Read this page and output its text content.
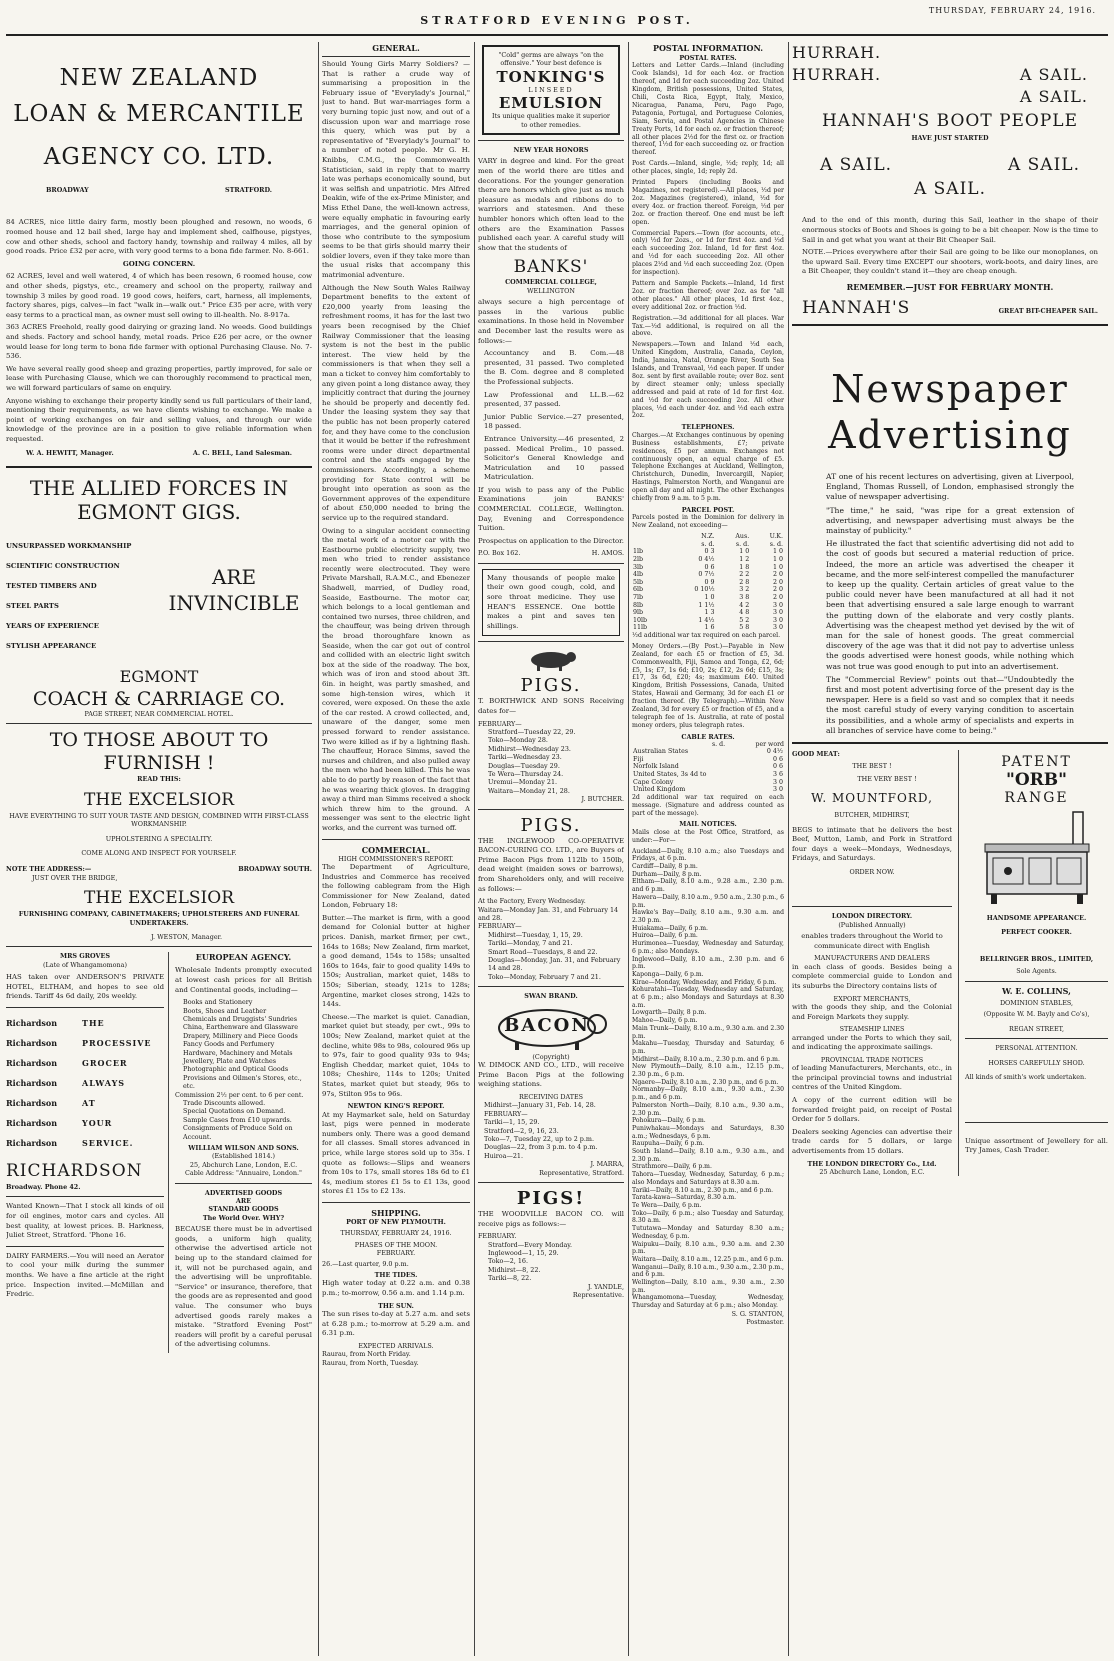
STRATFORD EVENING POST.
THURSDAY, FEBRUARY 24, 1916.
NEW ZEALAND
LOAN & MERCANTILE
AGENCY CO. LTD.
BROADWAY	STRATFORD.

84 ACRES, nice little dairy farm, mostly been ploughed and resown, no woods, 6 roomed house and 12 bail shed, large hay and implement shed, calfhouse, pigstyes, cow and other sheds, school and factory handy, township and railway 4 miles, all by good roads. Price £32 per acre, with very good terms to a bona fide farmer. No. 8-661.

GOING CONCERN.

62 ACRES, level and well watered, 4 of which has been resown, 6 roomed house, cow and other sheds, pigstys, etc., creamery and school on the property, railway and township 3 miles by good road. 19 good cows, heifers, cart, harness, all implements, factory shares, pigs, calves—in fact "walk in—walk out." Price £35 per acre, with very easy terms to a practical man, as owner must sell owing to ill-health. No. 8-917a.

363 ACRES Freehold, really good dairying or grazing land. No weeds. Good buildings and sheds. Factory and school handy, metal roads. Price £26 per acre, or the owner would lease for long term to bona fide farmer with optional Purchasing Clause. No. 7-536.

We have several really good sheep and grazing properties, partly improved, for sale or lease with Purchasing Clause, which we can thoroughly recommend to practical men, we will forward particulars of same on enquiry.

Anyone wishing to exchange their property kindly send us full particulars of their land, mentioning their requirements, as we have clients wishing to exchange. We make a point of working exchanges on fair and selling values, and through our wide knowledge of the province are in a position to give reliable information when requested.

W. A. HEWITT, Manager.	A. C. BELL, Land Salesman.
THE ALLIED FORCES IN
EGMONT GIGS.
UNSURPASSED WORKMANSHIP
SCIENTIFIC CONSTRUCTION
TESTED TIMBERS AND
STEEL PARTS
YEARS OF EXPERIENCE
STYLISH APPEARANCE
ARE
INVINCIBLE
EGMONT
COACH & CARRIAGE CO.
PAGE STREET, NEAR COMMERCIAL HOTEL.
TO THOSE ABOUT TO
FURNISH !
READ THIS:
THE EXCELSIOR
HAVE EVERYTHING TO SUIT YOUR TASTE AND DESIGN, COMBINED WITH FIRST-CLASS WORKMANSHIP.
UPHOLSTERING A SPECIALITY.
COME ALONG AND INSPECT FOR YOURSELF.
NOTE THE ADDRESS:—	BROADWAY SOUTH.
JUST OVER THE BRIDGE,
THE EXCELSIOR
FURNISHING COMPANY, CABINETMAKERS; UPHOLSTERERS AND FUNERAL UNDERTAKERS.
J. WESTON, Manager.
MRS GROVES
(Late of Whangamomona)

HAS taken over ANDERSON'S PRIVATE HOTEL, ELTHAM, and hopes to see old friends. Tariff 4s 6d daily, 20s weekly.

Richardson
Richardson
Richardson
Richardson
Richardson
Richardson
Richardson
THE
PROCESSIVE
GROCER
ALWAYS
AT
YOUR
SERVICE.
RICHARDSON
Broadway. Phone 42.

Wanted Known—That I stock all kinds of oil for oil engines, motor cars and cycles. All best quality, at lowest prices. B. Harkness, Juliet Street, Stratford. 'Phone 16.

DAIRY FARMERS.—You will need an Aerator to cool your milk during the summer months. We have a fine article at the right price. Inspection invited.—McMillan and Fredric.

EUROPEAN AGENCY.

Wholesale Indents promptly executed at lowest cash prices for all British and Continental goods, including—

Books and Stationery
Boots, Shoes and Leather
Chemicals and Druggists' Sundries
China, Earthenware and Glassware
Drapery, Millinery and Piece Goods
Fancy Goods and Perfumery
Hardware, Machinery and Metals
Jewellery, Plate and Watches
Photographic and Optical Goods
Provisions and Oilmen's Stores, etc., etc.
Commission 2½ per cent. to 6 per cent.
Trade Discounts allowed.
Special Quotations on Demand.
Sample Cases from £10 upwards.
Consignments of Produce Sold on Account.
WILLIAM WILSON AND SONS.
(Established 1814.)
25, Abchurch Lane, London, E.C.
Cable Address: "Annuaire, London."
ADVERTISED GOODS
ARE
STANDARD GOODS
The World Over. WHY?

BECAUSE there must be in advertised goods, a uniform high quality, otherwise the advertised article not being up to the standard claimed for it, will not be purchased again, and the advertising will be unprofitable. "Service" or insurance, therefore, that the goods are as represented and good value. The consumer who buys advertised goods rarely makes a mistake. "Stratford Evening Post" readers will profit by a careful perusal of the advertising columns.

GENERAL.

Should Young Girls Marry Soldiers? —That is rather a crude way of summarising a proposition in the February issue of "Everylady's Journal," just to hand. But war-marriages form a very burning topic just now, and out of a discussion upon war and marriage rose this query, which was put by a representative of "Everylady's Journal" to a number of noted people. Mr G. H. Knibbs, C.M.G., the Commonwealth Statistician, said in reply that to marry late was perhaps economically sound, but it was selfish and unpatriotic. Mrs Alfred Deakin, wife of the ex-Prime Minister, and Miss Ethel Dane, the well-known actress, were equally emphatic in favouring early marriages, and the general opinion of those who contribute to the symposium seems to be that girls should marry their soldier lovers, even if they take more than the usual risks that accompany this matrimonial adventure.

Although the New South Wales Railway Department benefits to the extent of £20,000 yearly from leasing the refreshment rooms, it has for the last two years been recognised by the Chief Railway Commissioner that the leasing system is not the best in the public interest. The view held by the commissioners is that when they sell a man a ticket to convey him comfortably to any given point a long distance away, they implicitly contract that during the journey he should be properly and decently fed. Under the leasing system they say that the public has not been properly catered for, and they have come to the conclusion that it would be better if the refreshment rooms were under direct departmental control and the staffs engaged by the commissioners. Accordingly, a scheme providing for State control will be brought into operation as soon as the Government approves of the expenditure of about £50,000 needed to bring the service up to the required standard.

Owing to a singular accident connecting the metal work of a motor car with the Eastbourne public electricity supply, two men who tried to render assistance recently were electrocuted. They were Private Marshall, R.A.M.C., and Ebenezer Shadwell, married, of Dudley road, Seaside, Eastbourne. The motor car, which belongs to a local gentleman and contained two nurses, three children, and the chauffeur, was being driven through the broad thoroughfare known as Seaside, when the car got out of control and collided with an electric light switch box at the side of the roadway. The box, which was of iron and stood about 3ft. 6in. in height, was partly smashed, and some high-tension wires, which it covered, were exposed. On these the axle of the car rested. A crowd collected, and, unaware of the danger, some men pressed forward to render assistance. Two were killed as if by a lightning flash. The chauffeur, Horace Simms, saved the nurses and children, and also pulled away the men who had been killed. This he was able to do partly by reason of the fact that he was wearing thick gloves. In dragging away a third man Simms received a shock which threw him to the ground. A messenger was sent to the electric light works, and the current was turned off.

COMMERCIAL.
HIGH COMMISSIONER'S REPORT.

The Department of Agriculture, Industries and Commerce has received the following cablegram from the High Commissioner for New Zealand, dated London, February 18:

Butter.—The market is firm, with a good demand for Colonial butter at higher prices. Danish, market firmer, per cwt., 164s to 168s; New Zealand, firm market, a good demand, 154s to 158s; unsalted 160s to 164s, fair to good quality 149s to 150s; Australian, market quiet, 148s to 150s; Siberian, steady, 121s to 128s; Argentine, market closes strong, 142s to 144s.

Cheese.—The market is quiet. Canadian, market quiet but steady, per cwt., 99s to 100s; New Zealand, market quiet at the decline, white 98s to 98s, coloured 96s up to 97s, fair to good quality 93s to 94s; English Cheddar, market quiet, 104s to 108s; Cheshire, 114s to 120s; United States, market quiet but steady, 96s to 97s, Stilton 95s to 96s.

NEWTON KING'S REPORT.

At my Haymarket sale, held on Saturday last, pigs were penned in moderate numbers only. There was a good demand for all classes. Small stores advanced in price, while large stores sold up to 35s. I quote as follows:—Slips and weaners from 10s to 17s, small stores 18s 6d to £1 4s, medium stores £1 5s to £1 13s, good stores £1 15s to £2 13s.

SHIPPING.
PORT OF NEW PLYMOUTH.
THURSDAY, FEBRUARY 24, 1916.
PHASES OF THE MOON.
FEBRUARY.
26.—Last quarter, 9.0 p.m.
THE TIDES.

High water today at 0.22 a.m. and 0.38 p.m.; to-morrow, 0.56 a.m. and 1.14 p.m.

THE SUN.

The sun rises to-day at 5.27 a.m. and sets at 6.28 p.m.; to-morrow at 5.29 a.m. and 6.31 p.m.

EXPECTED ARRIVALS.
Raurau, from North Friday.
Raurau, from North, Tuesday.
"Cold" germs are always "on the offensive." Your best defence is
TONKING'S
LINSEED
EMULSION
Its unique qualities make it superior to other remedies.
NEW YEAR HONORS

VARY in degree and kind. For the great men of the world there are titles and decorations. For the younger generation there are honors which give just as much pleasure as medals and ribbons do to warriors and statesmen. And these humbler honors which often lead to the others are the Examination Passes published each year. A careful study will show that the students of

BANKS'
COMMERCIAL COLLEGE,
WELLINGTON

always secure a high percentage of passes in the various public examinations. In those held in November and December last the results were as follows:—

Accountancy and B. Com.—48 presented, 31 passed. Two completed the B. Com. degree and 8 completed the Professional subjects.

Law Professional and LL.B.—62 presented, 37 passed.

Junior Public Service.—27 presented, 18 passed.

Entrance University.—46 presented, 2 passed. Medical Prelim., 10 passed. Solicitor's General Knowledge and Matriculation and 10 passed Matriculation.

If you wish to pass any of the Public Examinations join BANKS' COMMERCIAL COLLEGE, Wellington. Day, Evening and Correspondence Tuition.

Prospectus on application to the Director.

P.O. Box 162.	H. AMOS.

Many thousands of people make their own good cough, cold, and sore throat medicine. They use HEAN'S ESSENCE. One bottle makes a pint and saves ten shillings.

PIGS.

T. BORTHWICK AND SONS Receiving dates for—

FEBRUARY—
Stratford—Tuesday 22, 29.
Toko—Monday 28.
Midhirst—Wednesday 23.
Tariki—Wednesday 23.
Douglas—Tuesday 29.
Te Wera—Thursday 24.
Uremui—Monday 21.
Waitara—Monday 21, 28.
J. BUTCHER.
PIGS.

THE INGLEWOOD CO-OPERATIVE BACON-CURING CO. LTD., are Buyers of Prime Bacon Pigs from 112lb to 150lb, dead weight (maiden sows or barrows), from Shareholders only, and will receive as follows:—

At the Factory, Every Wednesday.
Waitara—Monday Jan. 31, and February 14 and 28.
FEBRUARY—
Midhirst—Tuesday, 1, 15, 29.
Tariki—Monday, 7 and 21.
Smart Road—Tuesdays, 8 and 22.
Douglas—Monday, Jan. 31, and February 14 and 28.
Toko—Monday, February 7 and 21.
SWAN BRAND.
BACON
(Copyright)

W. DIMOCK AND CO., LTD., will receive Prime Bacon Pigs at the following weighing stations.

RECEIVING DATES
Midhirst—January 31, Feb. 14, 28.
FEBRUARY—
Tariki—1, 15, 29.
Stratford—2, 9, 16, 23.
Toko—7, Tuesday 22, up to 2 p.m.
Douglas—22, from 3 p.m. to 4 p.m.
Huiroa—21.
J. MARRA,
Representative, Stratford.
PIGS!

THE WOODVILLE BACON CO. will receive pigs as follows:—

FEBRUARY.
Stratford—Every Monday.
Inglewood—1, 15, 29.
Toko—2, 16.
Midhirst—8, 22.
Tariki—8, 22.
J. YANDLE,
Representative.
POSTAL INFORMATION.
POSTAL RATES.

Letters and Letter Cards.—Inland (including Cook Islands), 1d for each 4oz. or fraction thereof, and 1d for each succeeding 2oz. United Kingdom, British possessions, United States, Chili, Costa Rica, Egypt, Italy, Mexico, Nicaragua, Panama, Peru, Pago Pago, Patagonia, Portugal, and Portuguese Colonies, Siam, Servia, and Postal Agencies in Chinese Treaty Ports, 1d for each oz. or fraction thereof; all other places 2½d for the first oz. or fraction thereof, 1½d for each succeeding oz. or fraction thereof.

Post Cards.—Inland, single, ½d; reply, 1d; all other places, single, 1d; reply 2d.

Printed Papers (including Books and Magazines, not registered).—All places, ½d per 2oz. Magazines (registered), inland, ½d for every 4oz. or fraction thereof. Foreign, ½d per 2oz. or fraction thereof. One end must be left open.

Commercial Papers.—Town (for accounts, etc., only) ½d for 2ozs., or 1d for first 4oz. and ½d each succeeding 2oz. Inland, 1d for first 4oz. and ½d for each succeeding 2oz. All other places 2½d and ½d each succeeding 2oz. (Open for inspection).

Pattern and Sample Packets.—Inland, 1d first 2oz. or fraction thereof; over 2oz. as for "all other places." All other places, 1d first 4oz., every additional 2oz. or fraction ½d.

Registration.—3d additional for all places. War Tax.—½d additional, is required on all the above.

Newspapers.—Town and Inland ½d each, United Kingdom, Australia, Canada, Ceylon, India, Jamaica, Natal, Orange River, South Sea Islands, and Transvaal, ½d each paper. If under 8oz. sent by first available route; over 8oz. sent by direct steamer only; unless specially addressed and paid at rate of 1d for first 4oz. and ½d for each succeeding 2oz. All other places, ½d each under 4oz. and ½d each extra 2oz.

TELEPHONES.

Charges.—At Exchanges continuous by opening Business establishments, £7; private residences, £5 per annum. Exchanges not continuously open, an equal charge of £5. Telephone Exchanges at Auckland, Wellington, Christchurch, Dunedin, Invercargill, Napier, Hastings, Palmerston North, and Wanganui are open all day and all night. The other Exchanges chiefly from 9 a.m. to 5 p.m.

PARCEL POST.

Parcels posted in the Dominion for delivery in New Zealand, not exceeding—

	N.Z.	Aus.	U.K.
	s. d.	s. d.	s. d.
1lb	0 3	1 0	1 0
2lb	0 4½	1 2	1 0
3lb	0 6	1 8	1 0
4lb	0 7½	2 2	2 0
5lb	0 9	2 8	2 0
6lb	0 10½	3 2	2 0
7lb	1 0	3 8	2 0
8lb	1 1½	4 2	3 0
9lb	1 3	4 8	3 0
10lb	1 4½	5 2	3 0
11lb	1 6	5 8	3 0

½d additional war tax required on each parcel.

Money Orders.—(By Post.)—Payable in New Zealand, for each £5 or fraction of £5, 3d. Commonwealth, Fiji, Samoa and Tonga, £2, 6d; £5, 1s; £7, 1s 6d; £10, 2s; £12, 2s 6d; £15, 3s; £17, 3s 6d, £20; 4s; maximum £40. United Kingdom, British Possessions, Canada, United States, Hawaii and Germany, 3d for each £1 or fraction thereof. (By Telegraph).—Within New Zealand, 3d for every £5 or fraction of £5, and a telegraph fee of 1s. Australia, at rate of postal money orders, plus telegraph rates.

CABLE RATES.
s. d.	per word
Australian States	0 4½
Fiji	0 6
Norfolk Island	0 6
United States, 3s 4d to	3 6
Cape Colony	3 0
United Kingdom	3 0

2d additional war tax required on each message. (Signature and address counted as part of the message).

MAIL NOTICES.

Mails close at the Post Office, Stratford, as under:—For—

Auckland—Daily, 8.10 a.m.; also Tuesdays and Fridays, at 6 p.m.
Cardiff—Daily, 8 p.m.
Durham—Daily, 8 p.m.
Eltham—Daily, 8.10 a.m., 9.28 a.m., 2.30 p.m. and 6 p.m.
Hawera—Daily, 8.10 a.m., 9.50 a.m., 2.30 p.m., 6 p.m.
Hawke's Bay—Daily, 8.10 a.m., 9.30 a.m. and 2.30 p.m.
Huiakama—Daily, 6 p.m.
Huiroa—Daily, 6 p.m.
Hurimonea—Tuesday, Wednesday and Saturday, 6 p.m.; also Mondays.
Inglewood—Daily, 8.10 a.m., 2.30 p.m. and 6 p.m.
Kaponga—Daily, 6 p.m.
Kirae—Monday, Wednesday, and Friday, 6 p.m.
Kohuratahi—Tuesday, Wednesday and Saturday, at 6 p.m.; also Mondays and Saturdays at 8.30 a.m.
Lowgarth—Daily, 8 p.m.
Mahoe—Daily, 6 p.m.
Main Trunk—Daily, 8.10 a.m., 9.30 a.m. and 2.30 p.m.
Makahu—Tuesday, Thursday and Saturday, 6 p.m.
Midhirst—Daily, 8.10 a.m., 2.30 p.m. and 6 p.m.
New Plymouth—Daily, 8.10 a.m., 12.15 p.m., 2.30 p.m., 6 p.m.
Ngaere—Daily, 8.10 a.m., 2.30 p.m., and 6 p.m.
Normanby—Daily, 8.10 a.m., 9.30 a.m., 2.30 p.m., and 6 p.m.
Palmerston North—Daily, 8.10 a.m., 9.30 a.m., 2.30 p.m.
Pohokura—Daily, 6 p.m.
Puniwhakau—Mondays and Saturdays, 8.30 a.m.; Wednesdays, 6 p.m.
Raupuha—Daily, 6 p.m.
South Island—Daily, 8.10 a.m., 9.30 a.m., and 2.30 p.m.
Strathmore—Daily, 6 p.m.
Tahora—Tuesday, Wednesday, Saturday, 6 p.m.; also Mondays and Saturdays at 8.30 a.m.
Tariki—Daily, 8.10 a.m., 2.30 p.m., and 6 p.m.
Tarata-kawa—Saturday, 8.30 a.m.
Te Wera—Daily, 6 p.m.
Toko—Daily, 6 p.m.; also Tuesday and Saturday, 8.30 a.m.
Tututawa—Monday and Saturday 8.30 a.m.; Wednesday, 6 p.m.
Waipuku—Daily, 8.10 a.m., 9.30 a.m. and 2.30 p.m.
Waitara—Daily, 8.10 a.m., 12.25 p.m., and 6 p.m.
Wanganui—Daily, 8.10 a.m., 9.30 a.m., 2.30 p.m., and 6 p.m.
Wellington—Daily, 8.10 a.m., 9.30 a.m., 2.30 p.m.
Whangamomona—Tuesday, Wednesday, Thursday and Saturday at 6 p.m.; also Monday.
S. G. STANTON,
Postmaster.
HURRAH.
HURRAH.	A SAIL.
A SAIL.
HANNAH'S BOOT PEOPLE
HAVE JUST STARTED
A SAIL.	A SAIL.
A SAIL.

And to the end of this month, during this Sail, leather in the shape of their enormous stocks of Boots and Shoes is going to be a bit cheaper. Now is the time to Sail in and get what you want at their Bit Cheaper Sail.

NOTE.—Prices everywhere after their Sail are going to be like our monoplanes, on the upward Sail. Every time EXCEPT our shooters, work-boots, and dairy lines, are a Bit Cheaper, they couldn't stand it—they are cheap enough.

REMEMBER.—JUST FOR FEBRUARY MONTH.
HANNAH'S	GREAT BIT-CHEAPER SAIL.
Newspaper
Advertising

AT one of his recent lectures on advertising, given at Liverpool, England, Thomas Russell, of London, emphasised strongly the value of newspaper advertising.

"The time," he said, "was ripe for a great extension of advertising, and newspaper advertising must always be the mainstay of publicity."

He illustrated the fact that scientific advertising did not add to the cost of goods but secured a material reduction of price. Indeed, the more an article was advertised the cheaper it became, and the more self-interest compelled the manufacturer to keep up the quality. Certain articles of great value to the public could never have been manufactured at all had it not been that advertising ensured a sale large enough to warrant the putting down of the elaborate and very costly plants. Advertising was the cheapest method yet devised by the wit of man for the sale of honest goods. The great commercial discovery of the age was that it did not pay to advertise unless the goods advertised were honest goods, while nothing which was not true was good enough to put into an advertisement.

The "Commercial Review" points out that—"Undoubtedly the first and most potent advertising force of the present day is the newspaper. Here is a field so vast and so complex that it needs the most careful study of every varying condition to ascertain its possibilities, and a whole army of specialists and experts in all branches of service have come to being."

GOOD MEAT:
THE BEST !
THE VERY BEST !
W. MOUNTFORD,
BUTCHER, MIDHIRST,

BEGS to intimate that he delivers the best Beef, Mutton, Lamb, and Pork in Stratford four days a week—Mondays, Wednesdays, Fridays, and Saturdays.

ORDER NOW.
LONDON DIRECTORY.
(Published Annually)

enables traders throughout the World to communicate direct with English

MANUFACTURERS AND DEALERS

in each class of goods. Besides being a complete commercial guide to London and its suburbs the Directory contains lists of

EXPORT MERCHANTS,

with the goods they ship, and the Colonial and Foreign Markets they supply.

STEAMSHIP LINES

arranged under the Ports to which they sail, and indicating the approximate sailings.

PROVINCIAL TRADE NOTICES

of leading Manufacturers, Merchants, etc., in the principal provincial towns and industrial centres of the United Kingdom.

A copy of the current edition will be forwarded freight paid, on receipt of Postal Order for 5 dollars.

Dealers seeking Agencies can advertise their trade cards for 5 dollars, or large advertisements from 15 dollars.

THE LONDON DIRECTORY Co., Ltd.
25 Abchurch Lane, London, E.C.
PATENT
"ORB"
RANGE
HANDSOME APPEARANCE.
PERFECT COOKER.
BELLRINGER BROS., LIMITED,
Sole Agents.
W. E. COLLINS,
DOMINION STABLES,
(Opposite W. M. Bayly and Co's),
REGAN STREET,
PERSONAL ATTENTION.
HORSES CAREFULLY SHOD.
All kinds of smith's work undertaken.

Unique assortment of Jewellery for all. Try James, Cash Trader.
